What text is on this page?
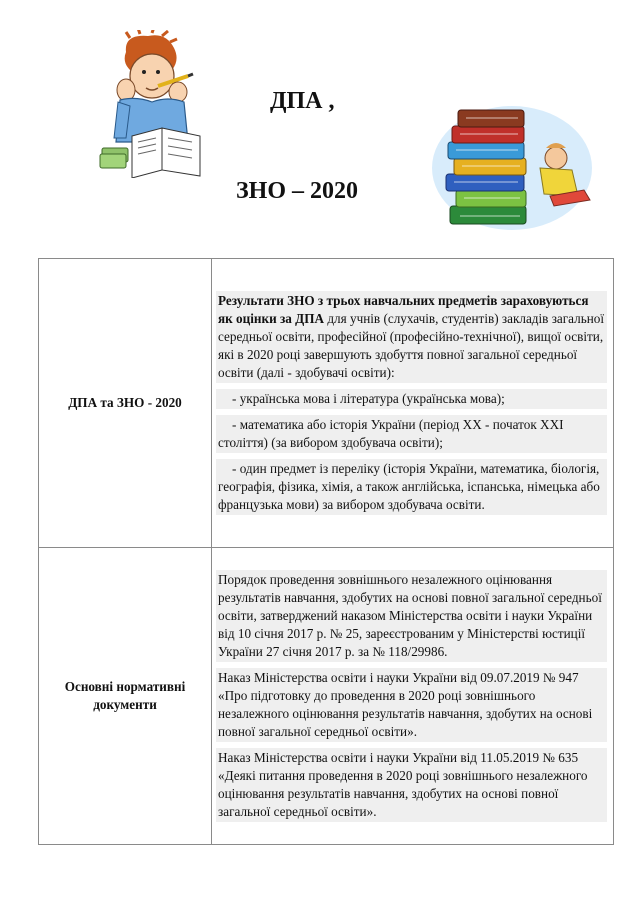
ДПА ,
ЗНО – 2020
ДПА та ЗНО - 2020	Результати ЗНО з трьох навчальних предметів зараховуються як оцінки за ДПА для учнів (слухачів, студентів) закладів загальної середньої освіти, професійної (професійно-технічної), вищої освіти, які в 2020 році завершують здобуття повної загальної середньої освіти (далі - здобувачі освіти):
- українська мова і література (українська мова);
- математика або історія України (період XX - початок XXI століття) (за вибором здобувача освіти);
- один предмет із переліку (історія України, математика, біологія, географія, фізика, хімія, а також англійська, іспанська, німецька або французька мови) за вибором здобувача освіти.

Основні нормативні документи	Порядок проведення зовнішнього незалежного оцінювання результатів навчання, здобутих на основі повної загальної середньої освіти, затверджений наказом Міністерства освіти і науки України від 10 січня 2017 р. № 25, зареєстрованим у Міністерстві юстиції України 27 січня 2017 р. за № 118/29986.
Наказ Міністерства освіти і науки України від 09.07.2019 № 947 «Про підготовку до проведення в 2020 році зовнішнього незалежного оцінювання результатів навчання, здобутих на основі повної загальної середньої освіти».
Наказ Міністерства освіти і науки України від 11.05.2019 № 635 «Деякі питання проведення в 2020 році зовнішнього незалежного оцінювання результатів навчання, здобутих на основі повної загальної середньої освіти».
